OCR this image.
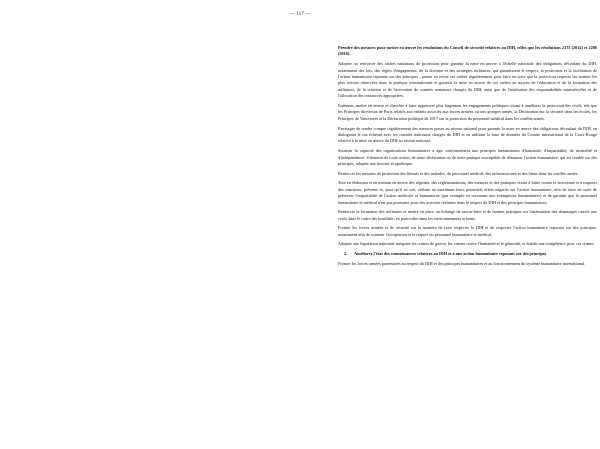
— 117 —

Prendre des mesures pour mettre en œuvre les résolutions du Conseil de sécurité relatives au DIH, telles que les résolutions 2175 (2014) et 2286 (2016).

Adopter ou renforcer des cadres nationaux de protection pour garantir la mise en œuvre à l'échelle nationale des obligations découlant du DIH, notamment des lois, des règles d'engagement, de la doctrine et des stratégies militaires, qui garantissent le respect, la protection et la facilitation de l'action humanitaire reposant sur des principes ; passer en revue ces cadres régulièrement pour faire en sorte que la protection respecte les normes les plus strictes observées dans la pratique internationale et garantir la mise en œuvre de ces cadres au moyen de l'éducation et de la formation des militaires, de la création et de l'activation de comités nationaux chargés du DIH, ainsi que de l'attribution des responsabilités ministérielles et de l'allocation des ressources appropriées.

Entériner, mettre en œuvre et chercher à faire approuver plus largement les engagements politiques visant à améliorer la protection des civils, tels que les Principes directeurs de Paris relatifs aux enfants associés aux forces armées ou aux groupes armés, la Déclaration sur la sécurité dans les écoles, les Principes de Vancouver et la Déclaration politique de 2017 sur la protection du personnel médical dans les conflits armés.

Envisager de rendre compte régulièrement des mesures prises au niveau national pour garantir la mise en œuvre des obligations découlant du DIH, en dialoguant le cas échéant avec les comités nationaux chargés du DIH et en utilisant la base de données du Comité international de la Croix-Rouge relative à la mise en œuvre du DIH au niveau national.

Soutenir la capacité des organisations humanitaires à agir conformément aux principes humanitaires d'humanité, d'impartialité, de neutralité et d'indépendance. S'abstenir de toute action, de toute déclaration ou de toute pratique susceptible de dénaturer l'action humanitaire, qui est fondée sur des principes, adaptée aux besoins et apolitique.

Renforcer les mesures de protection des blessés et des malades, du personnel médical, des infrastructures et des biens dans les conflits armés.

Tout en élaborant et en mettant en œuvre des régimes, des réglementations, des mesures et des pratiques visant à lutter contre le terrorisme et à imposer des sanctions, prévenir et, quoi qu'il en soit, réduire au maximum leurs potentiels effets négatifs sur l'action humanitaire, afin de faire en sorte de préserver l'impartialité de l'action médicale et humanitaire (par exemple en recourant aux exemptions humanitaires) et de garantir que le personnel humanitaire et médical n'est pas poursuivi pour des activités réalisées dans le respect du DIH et des principes humanitaires.

Renforcer la formation des militaires et mettre en place un échange de savoir-faire et de bonnes pratiques sur l'atténuation des dommages causés aux civils dans le cadre des hostilités, en particulier dans les environnements urbains.

Former les forces armées et de sécurité sur la manière de faire respecter le DIH et de respecter l'action humanitaire reposant sur des principes, notamment afin de soutenir l'acceptation et le respect du personnel humanitaire et médical.

Adopter une législation nationale intégrant les crimes de guerre, les crimes contre l'humanité et le génocide, et établir une compétence pour ces crimes.

2.	Améliorer l'état des connaissances relatives au DIH et à une action humanitaire reposant sur des principes

Former les forces armées partenaires au respect du DIH et des principes humanitaires et au fonctionnement du système humanitaire international.
